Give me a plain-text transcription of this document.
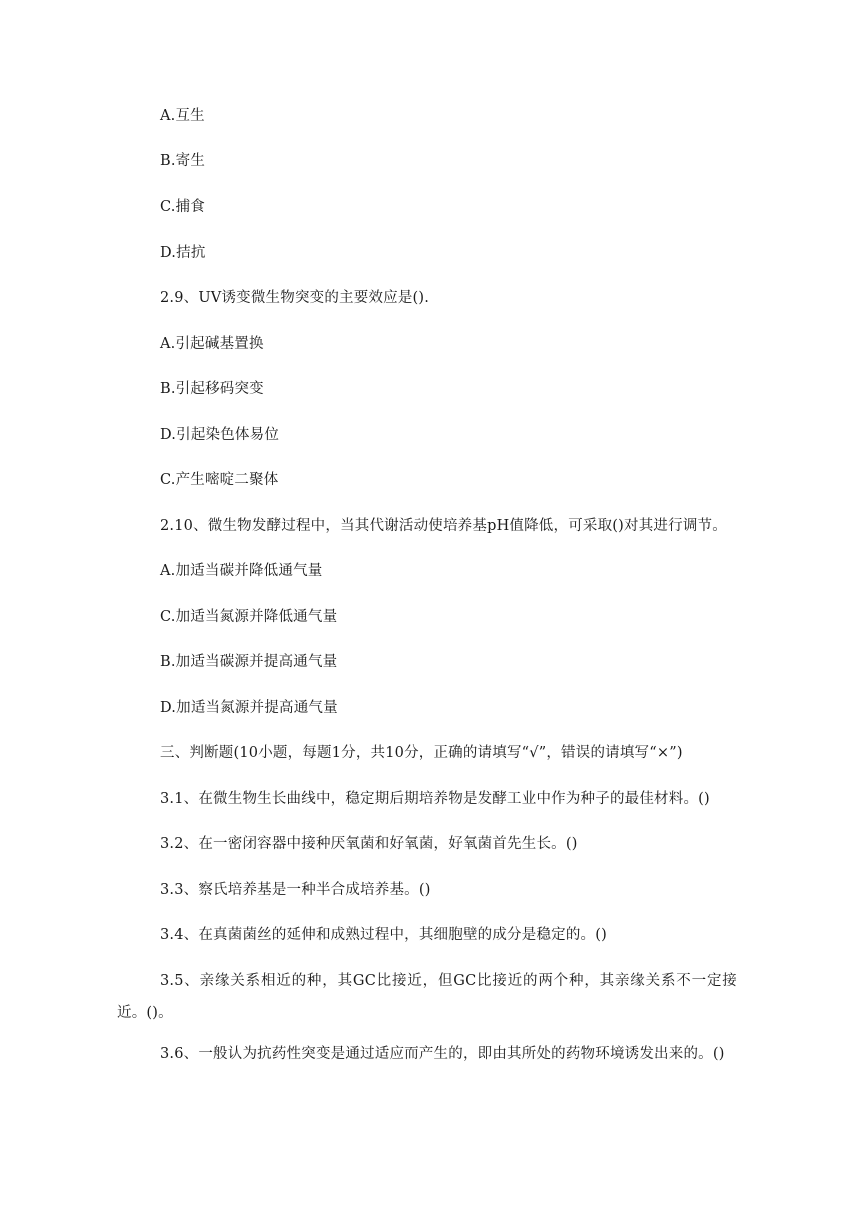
A.互生
B.寄生
C.捕食
D.拮抗
2.9、UV诱变微生物突变的主要效应是().
A.引起碱基置换
B.引起移码突变
D.引起染色体易位
C.产生嘧啶二聚体
2.10、微生物发酵过程中，当其代谢活动使培养基pH值降低，可采取()对其进行调节。
A.加适当碳并降低通气量
C.加适当氮源并降低通气量
B.加适当碳源并提高通气量
D.加适当氮源并提高通气量
三、判断题(10小题，每题1分，共10分，正确的请填写“√”，错误的请填写“×”)
3.1、在微生物生长曲线中，稳定期后期培养物是发酵工业中作为种子的最佳材料。()
3.2、在一密闭容器中接种厌氧菌和好氧菌，好氧菌首先生长。()
3.3、察氏培养基是一种半合成培养基。()
3.4、在真菌菌丝的延伸和成熟过程中，其细胞壁的成分是稳定的。()
3.5、亲缘关系相近的种，其GC比接近，但GC比接近的两个种，其亲缘关系不一定接近。()。
3.6、一般认为抗药性突变是通过适应而产生的，即由其所处的药物环境诱发出来的。()
